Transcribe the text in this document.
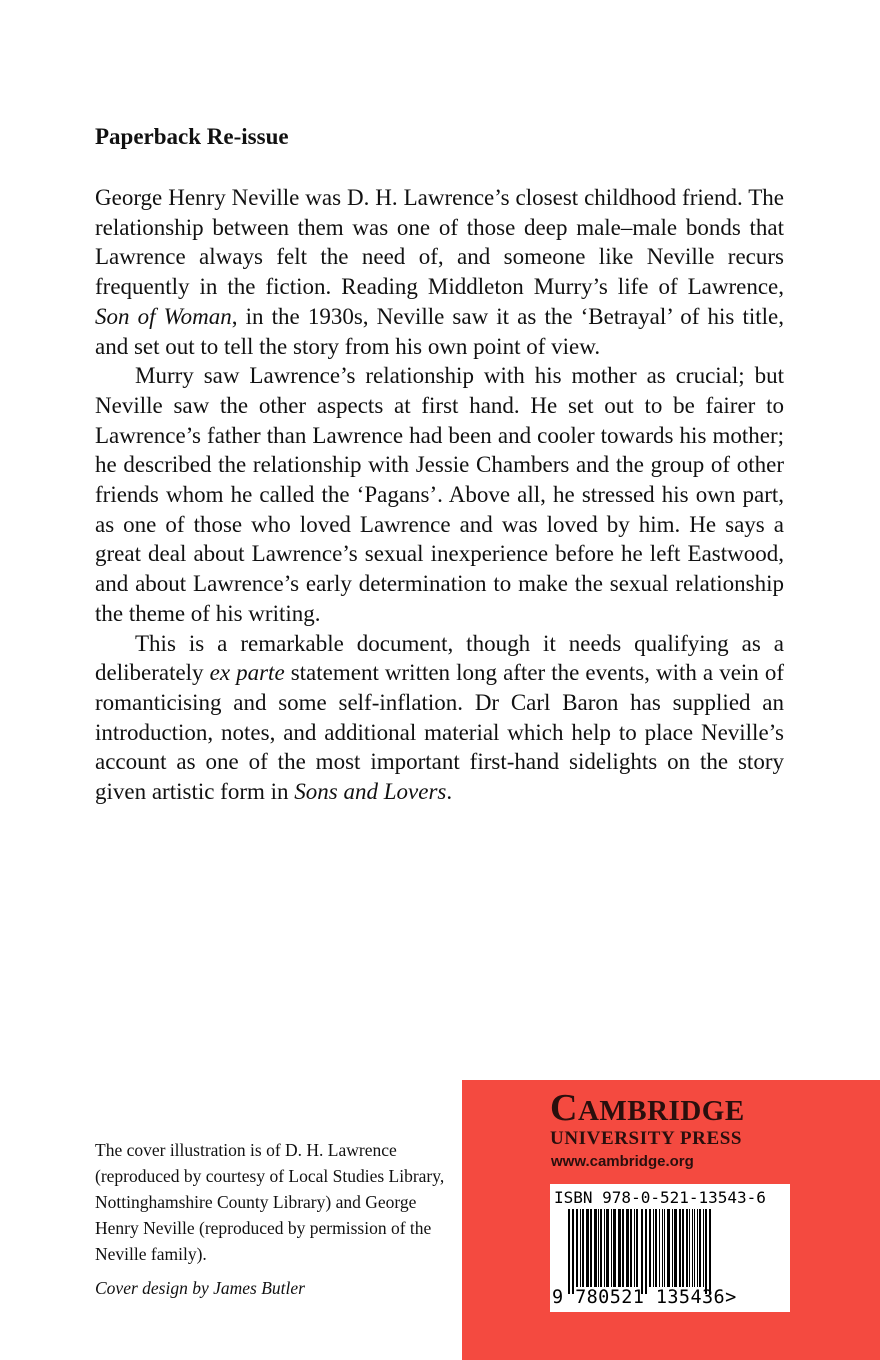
Paperback Re-issue

George Henry Neville was D. H. Lawrence’s closest childhood friend. The relationship between them was one of those deep male–male bonds that Lawrence always felt the need of, and someone like Neville recurs frequently in the fiction. Reading Middleton Murry’s life of Lawrence, Son of Woman, in the 1930s, Neville saw it as the ‘Betrayal’ of his title, and set out to tell the story from his own point of view.

Murry saw Lawrence’s relationship with his mother as crucial; but Neville saw the other aspects at first hand. He set out to be fairer to Lawrence’s father than Lawrence had been and cooler towards his mother; he described the relationship with Jessie Chambers and the group of other friends whom he called the ‘Pagans’. Above all, he stressed his own part, as one of those who loved Lawrence and was loved by him. He says a great deal about Lawrence’s sexual inexperience before he left Eastwood, and about Lawrence’s early determination to make the sexual relationship the theme of his writing.

This is a remarkable document, though it needs qualifying as a deliberately ex parte statement written long after the events, with a vein of romanticising and some self-inflation. Dr Carl Baron has supplied an introduction, notes, and additional material which help to place Neville’s account as one of the most important first-hand sidelights on the story given artistic form in Sons and Lovers.

The cover illustration is of D. H. Lawrence (reproduced by courtesy of Local Studies Library, Nottinghamshire County Library) and George Henry Neville (reproduced by permission of the Neville family).
Cover design by James Butler
CAMBRIDGE
UNIVERSITY PRESS
www.cambridge.org
ISBN 978-0-521-13543-6
9 780521 135436>
